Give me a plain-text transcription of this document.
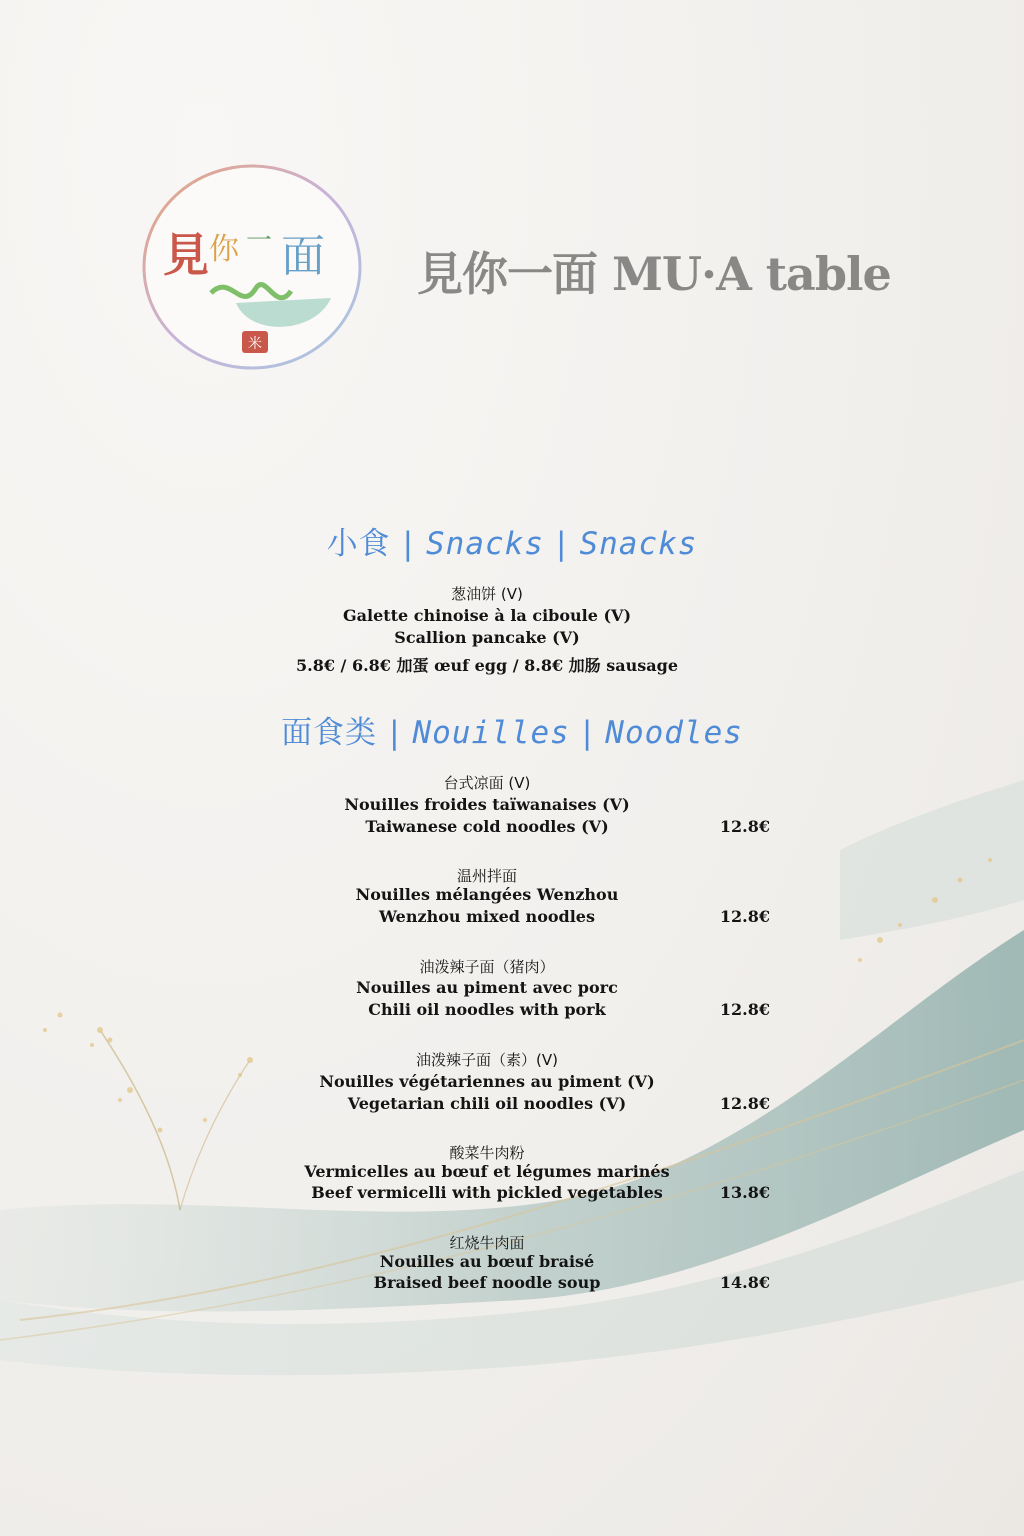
見 你 一 面
米
見你一面 MU·A table
小食 | Snacks | Snacks
葱油饼 (V)
Galette chinoise à la ciboule (V)
Scallion pancake (V)
5.8€ / 6.8€ 加蛋 œuf egg / 8.8€ 加肠 sausage
面食类 | Nouilles | Noodles
台式凉面 (V)
Nouilles froides taïwanaises (V)
Taiwanese cold noodles (V)	12.8€
温州拌面
Nouilles mélangées Wenzhou
Wenzhou mixed noodles	12.8€
油泼辣子面（猪肉）
Nouilles au piment avec porc
Chili oil noodles with pork	12.8€
油泼辣子面（素）(V)
Nouilles végétariennes au piment (V)
Vegetarian chili oil noodles (V)	12.8€
酸菜牛肉粉
Vermicelles au bœuf et légumes marinés
Beef vermicelli with pickled vegetables	13.8€
红烧牛肉面
Nouilles au bœuf braisé
Braised beef noodle soup	14.8€
